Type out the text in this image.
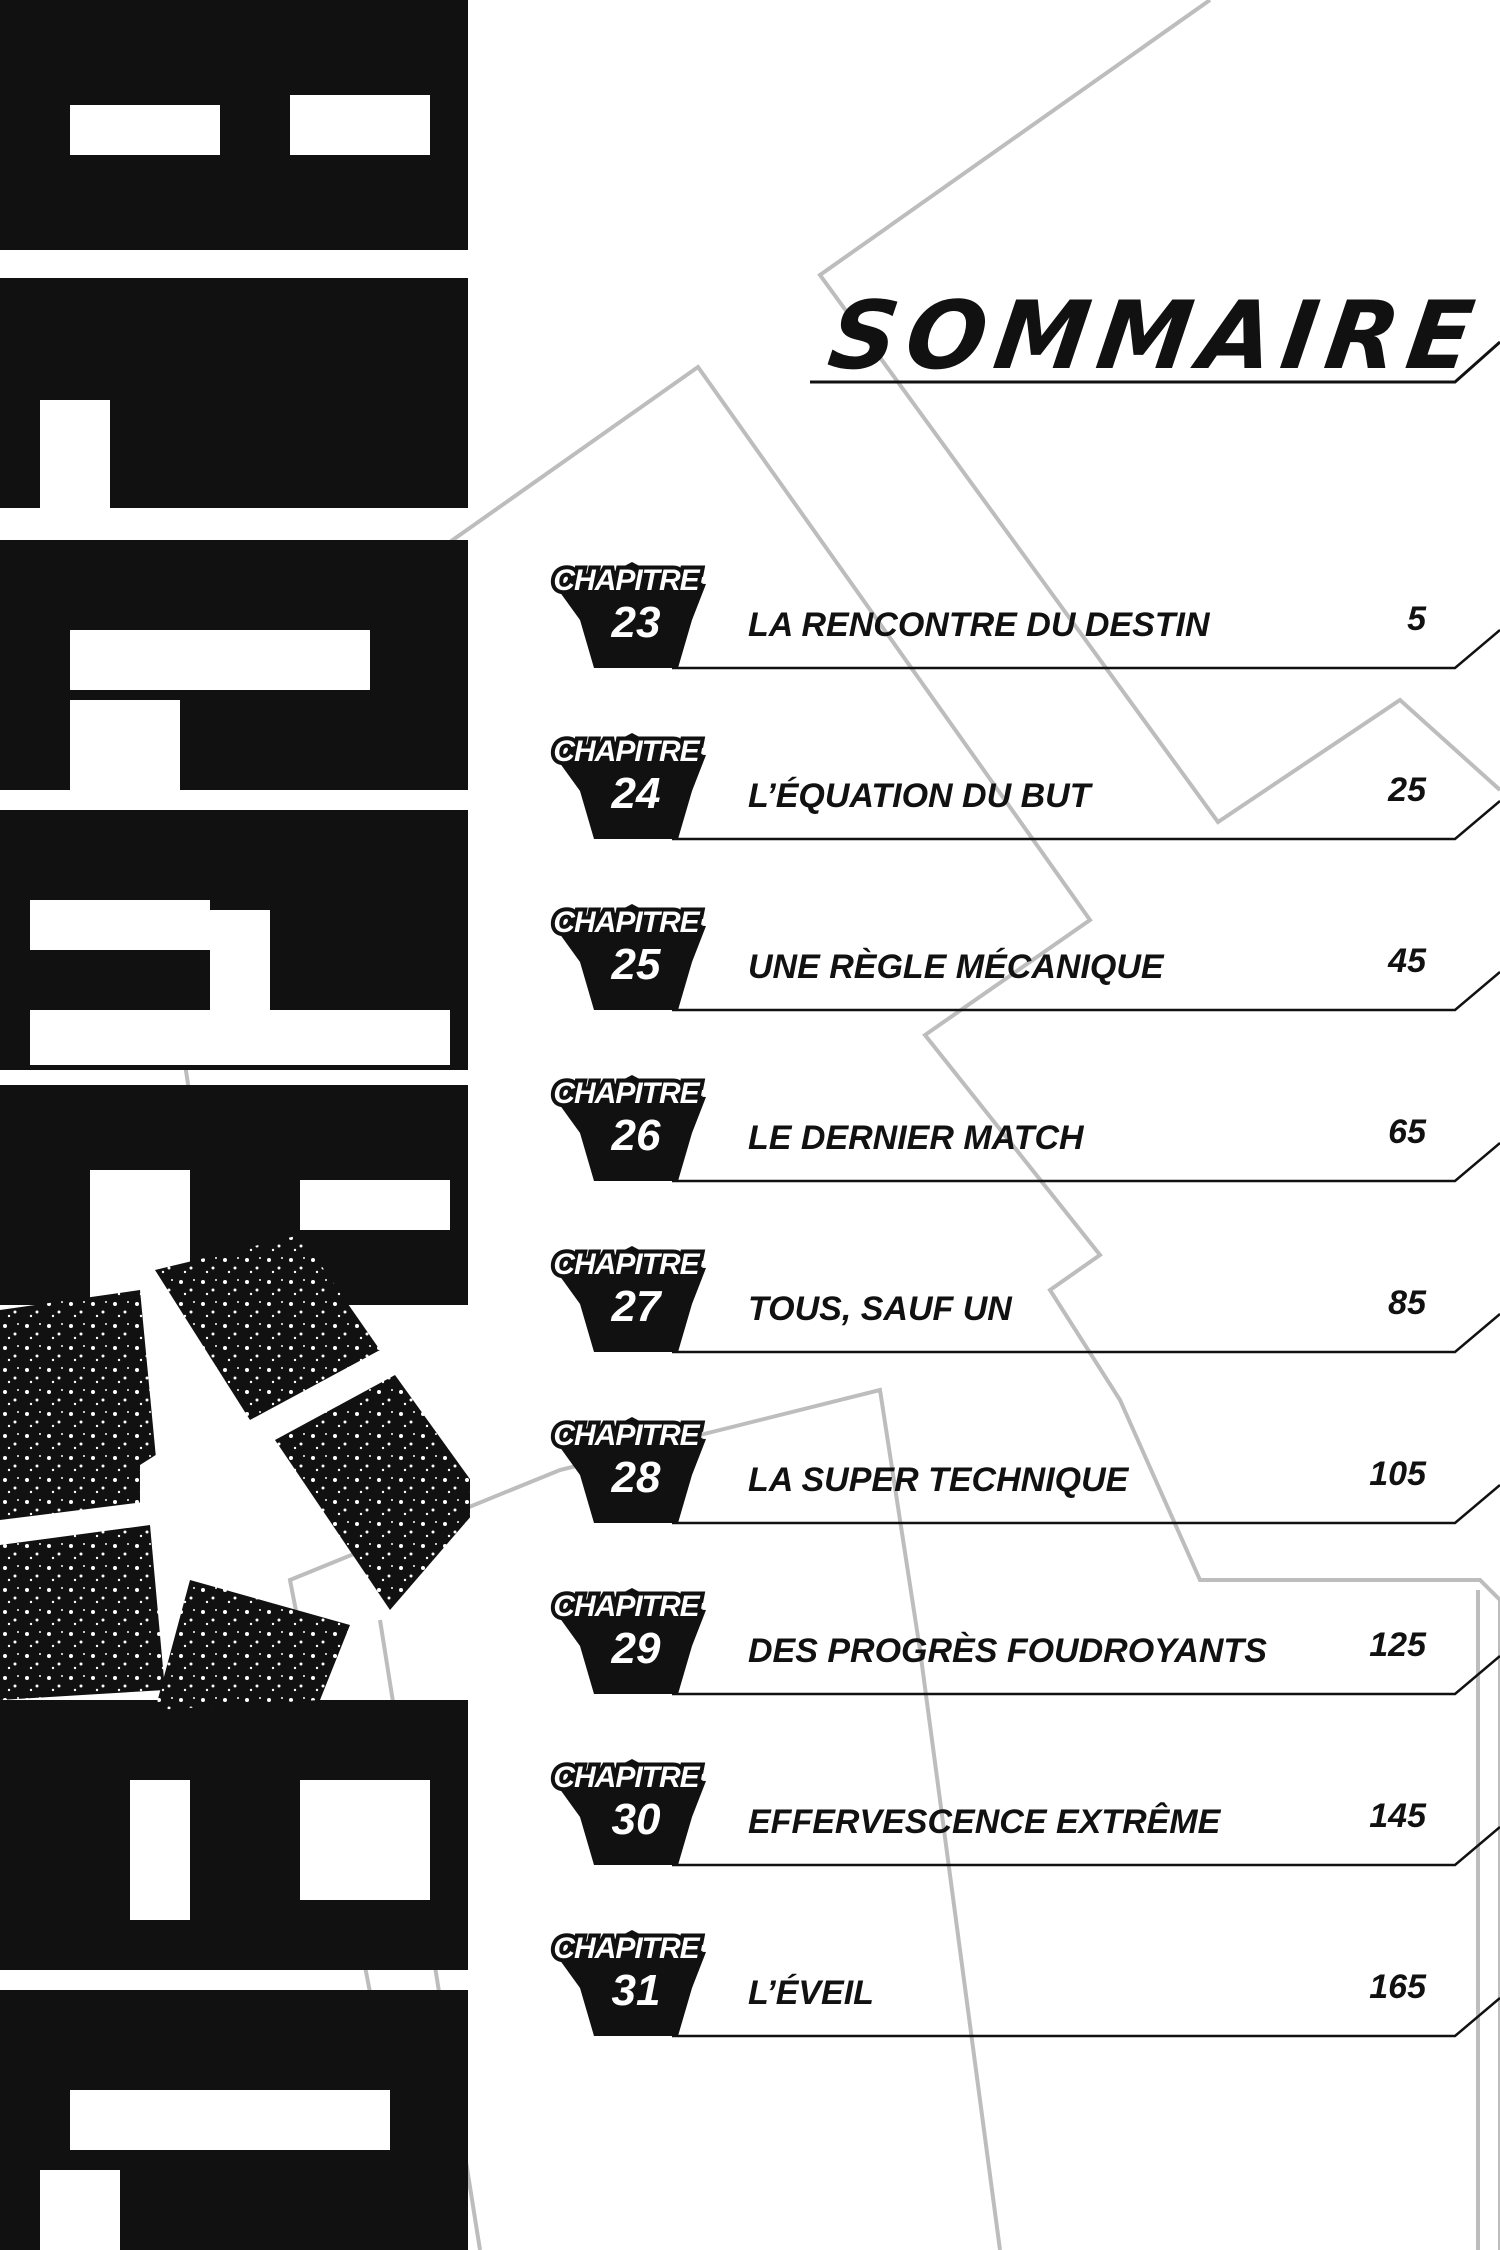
SOMMAIRE
CHAPITRE
23	LA RENCONTRE DU DESTIN	5
CHAPITRE
24	L’ÉQUATION DU BUT	25
CHAPITRE
25	UNE RÈGLE MÉCANIQUE	45
CHAPITRE
26	LE DERNIER MATCH	65
CHAPITRE
27	TOUS, SAUF UN	85
CHAPITRE
28	LA SUPER TECHNIQUE	105
CHAPITRE
29	DES PROGRÈS FOUDROYANTS	125
CHAPITRE
30	EFFERVESCENCE EXTRÊME	145
CHAPITRE
31	L’ÉVEIL	165
